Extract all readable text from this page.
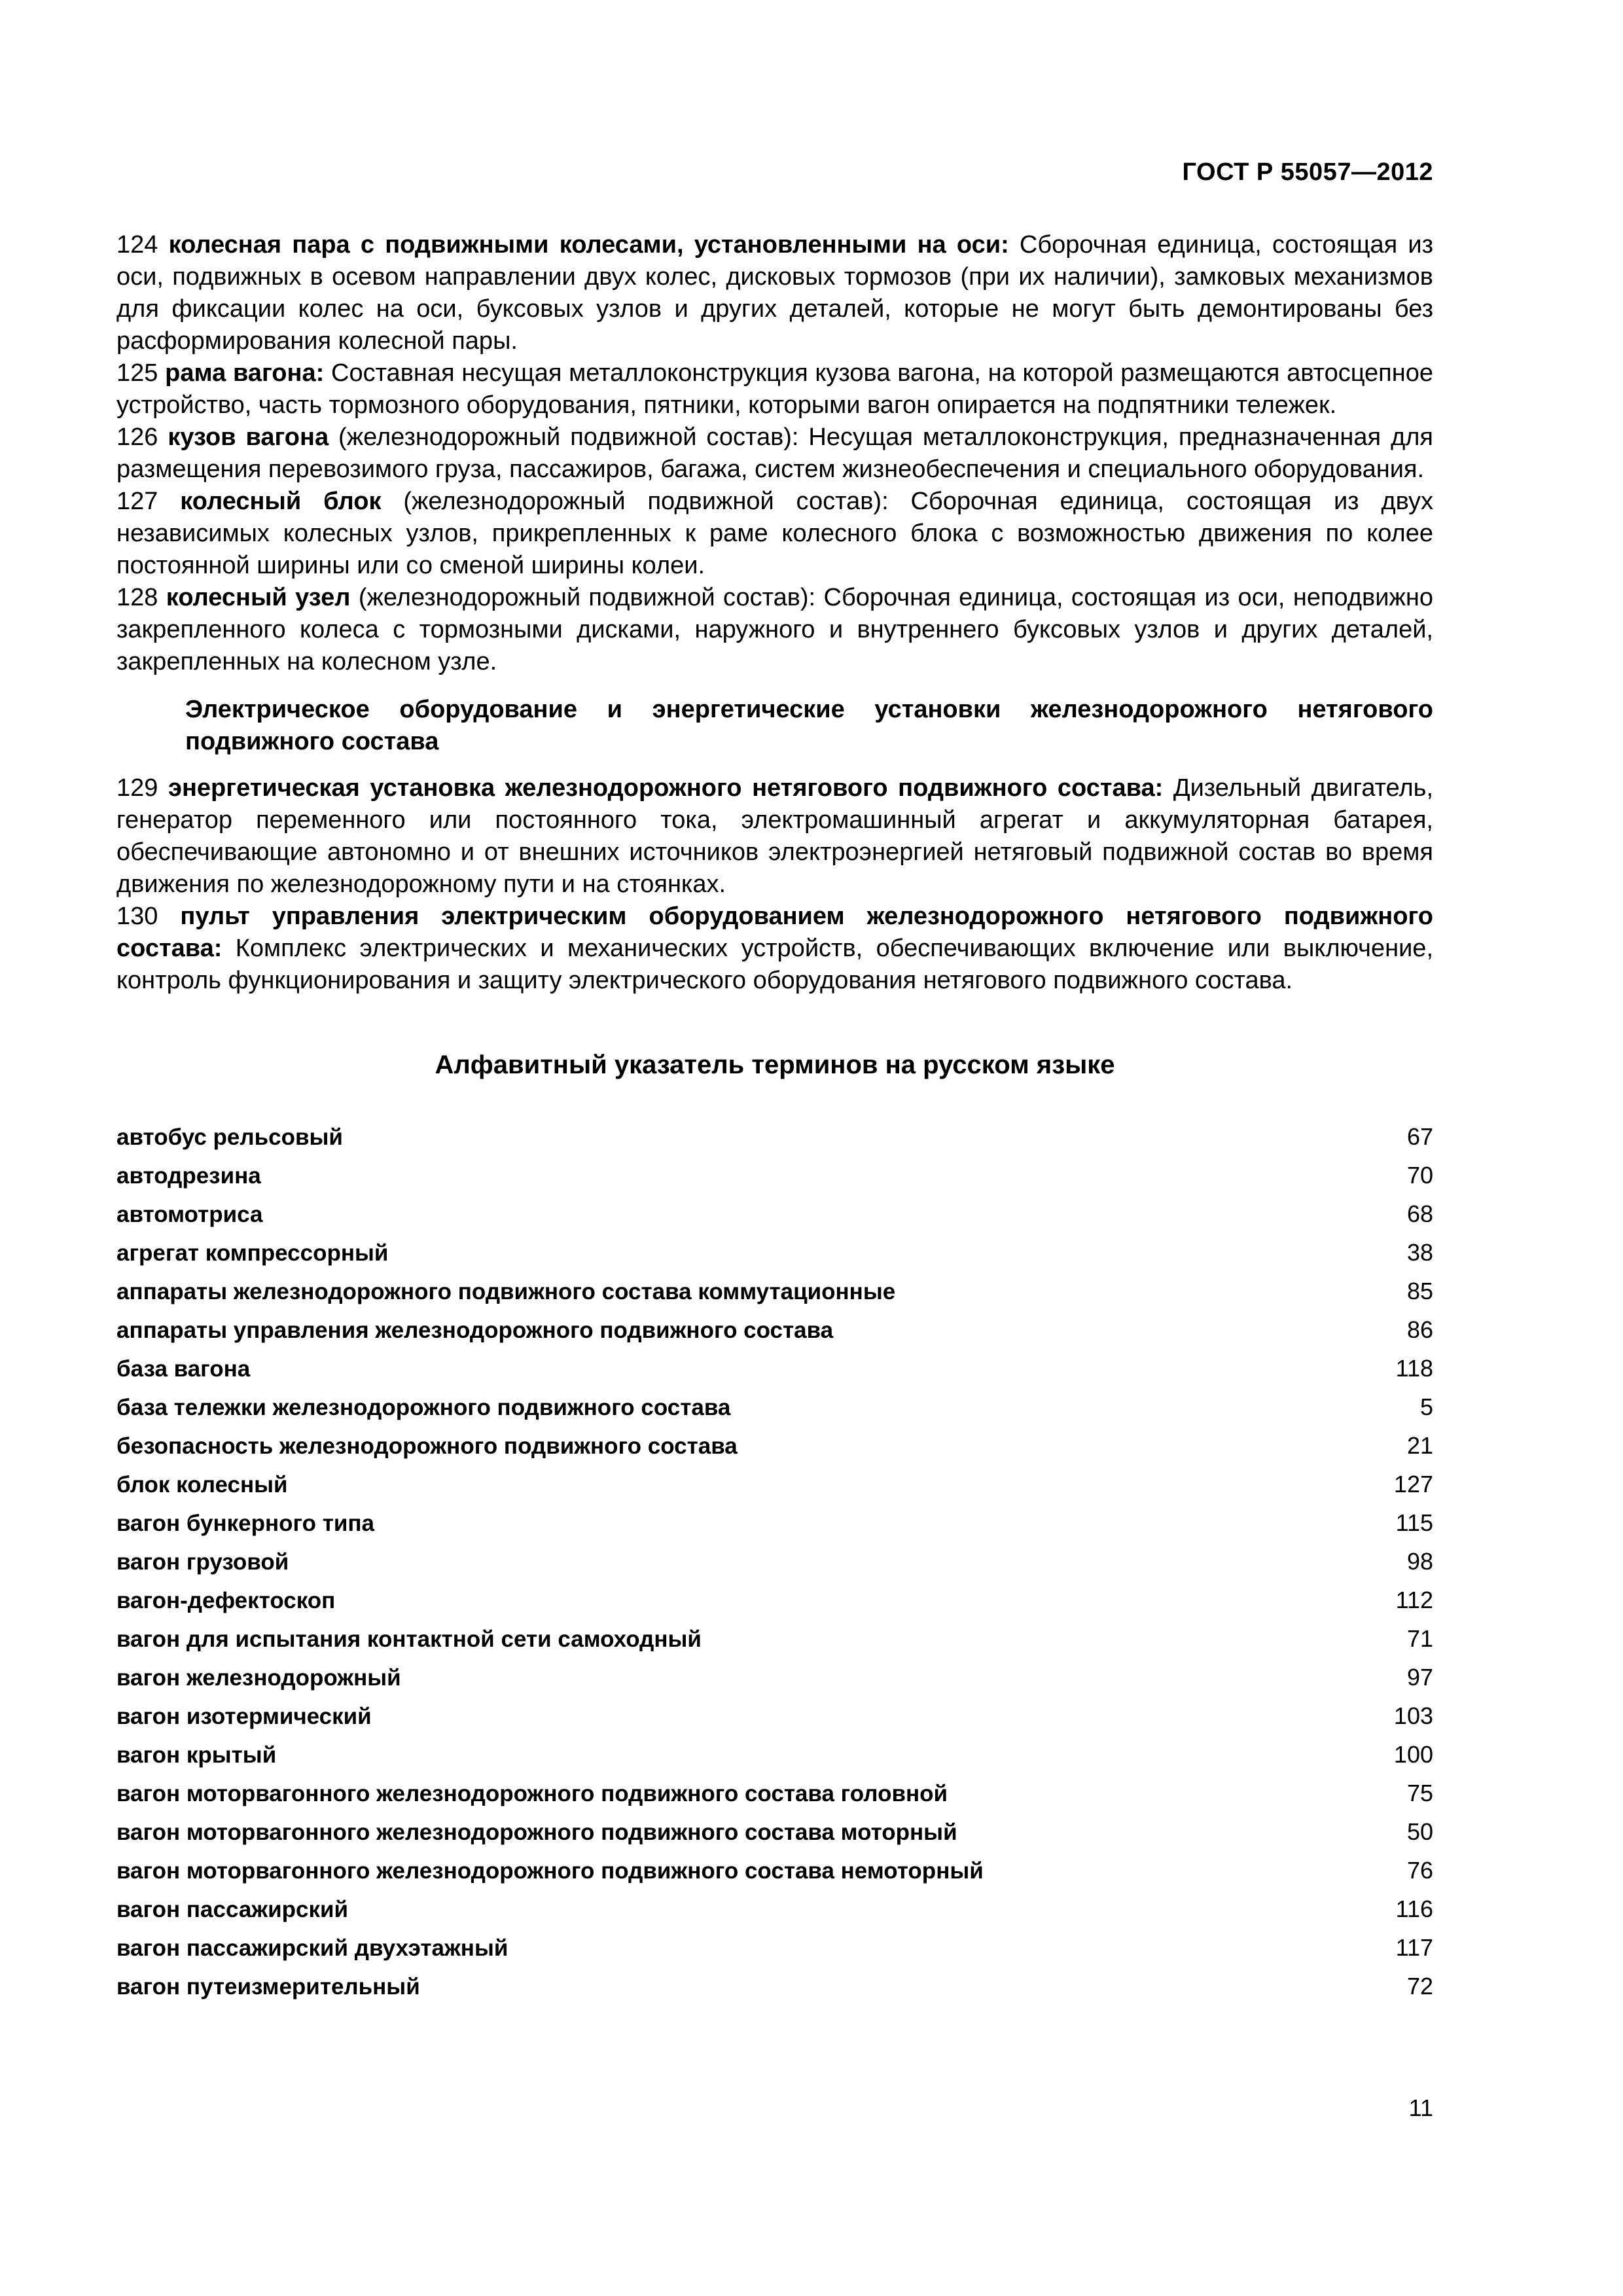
ГОСТ Р 55057—2012

124 колесная пара с подвижными колесами, установленными на оси: Сборочная единица, состоящая из оси, подвижных в осевом направлении двух колес, дисковых тормозов (при их наличии), замковых механизмов для фиксации колес на оси, буксовых узлов и других деталей, которые не могут быть демонтированы без расформирования колесной пары.

125 рама вагона: Составная несущая металлоконструкция кузова вагона, на которой размещаются автосцепное устройство, часть тормозного оборудования, пятники, которыми вагон опирается на подпятники тележек.

126 кузов вагона (железнодорожный подвижной состав): Несущая металлоконструкция, предназначенная для размещения перевозимого груза, пассажиров, багажа, систем жизнеобеспечения и специального оборудования.

127 колесный блок (железнодорожный подвижной состав): Сборочная единица, состоящая из двух независимых колесных узлов, прикрепленных к раме колесного блока с возможностью движения по колее постоянной ширины или со сменой ширины колеи.

128 колесный узел (железнодорожный подвижной состав): Сборочная единица, состоящая из оси, неподвижно закрепленного колеса с тормозными дисками, наружного и внутреннего буксовых узлов и других деталей, закрепленных на колесном узле.

Электрическое оборудование и энергетические установки железнодорожного нетягового подвижного состава

129 энергетическая установка железнодорожного нетягового подвижного состава: Дизельный двигатель, генератор переменного или постоянного тока, электромашинный агрегат и аккумуляторная батарея, обеспечивающие автономно и от внешних источников электроэнергией нетяговый подвижной состав во время движения по железнодорожному пути и на стоянках.

130 пульт управления электрическим оборудованием железнодорожного нетягового подвижного состава: Комплекс электрических и механических устройств, обеспечивающих включение или выключение, контроль функционирования и защиту электрического оборудования нетягового подвижного состава.

Алфавитный указатель терминов на русском языке
автобус рельсовый	67
автодрезина	70
автомотриса	68
агрегат компрессорный	38
аппараты железнодорожного подвижного состава коммутационные	85
аппараты управления железнодорожного подвижного состава	86
база вагона	118
база тележки железнодорожного подвижного состава	5
безопасность железнодорожного подвижного состава	21
блок колесный	127
вагон бункерного типа	115
вагон грузовой	98
вагон-дефектоскоп	112
вагон для испытания контактной сети самоходный	71
вагон железнодорожный	97
вагон изотермический	103
вагон крытый	100
вагон моторвагонного железнодорожного подвижного состава головной	75
вагон моторвагонного железнодорожного подвижного состава моторный	50
вагон моторвагонного железнодорожного подвижного состава немоторный	76
вагон пассажирский	116
вагон пассажирский двухэтажный	117
вагон путеизмерительный	72
11
